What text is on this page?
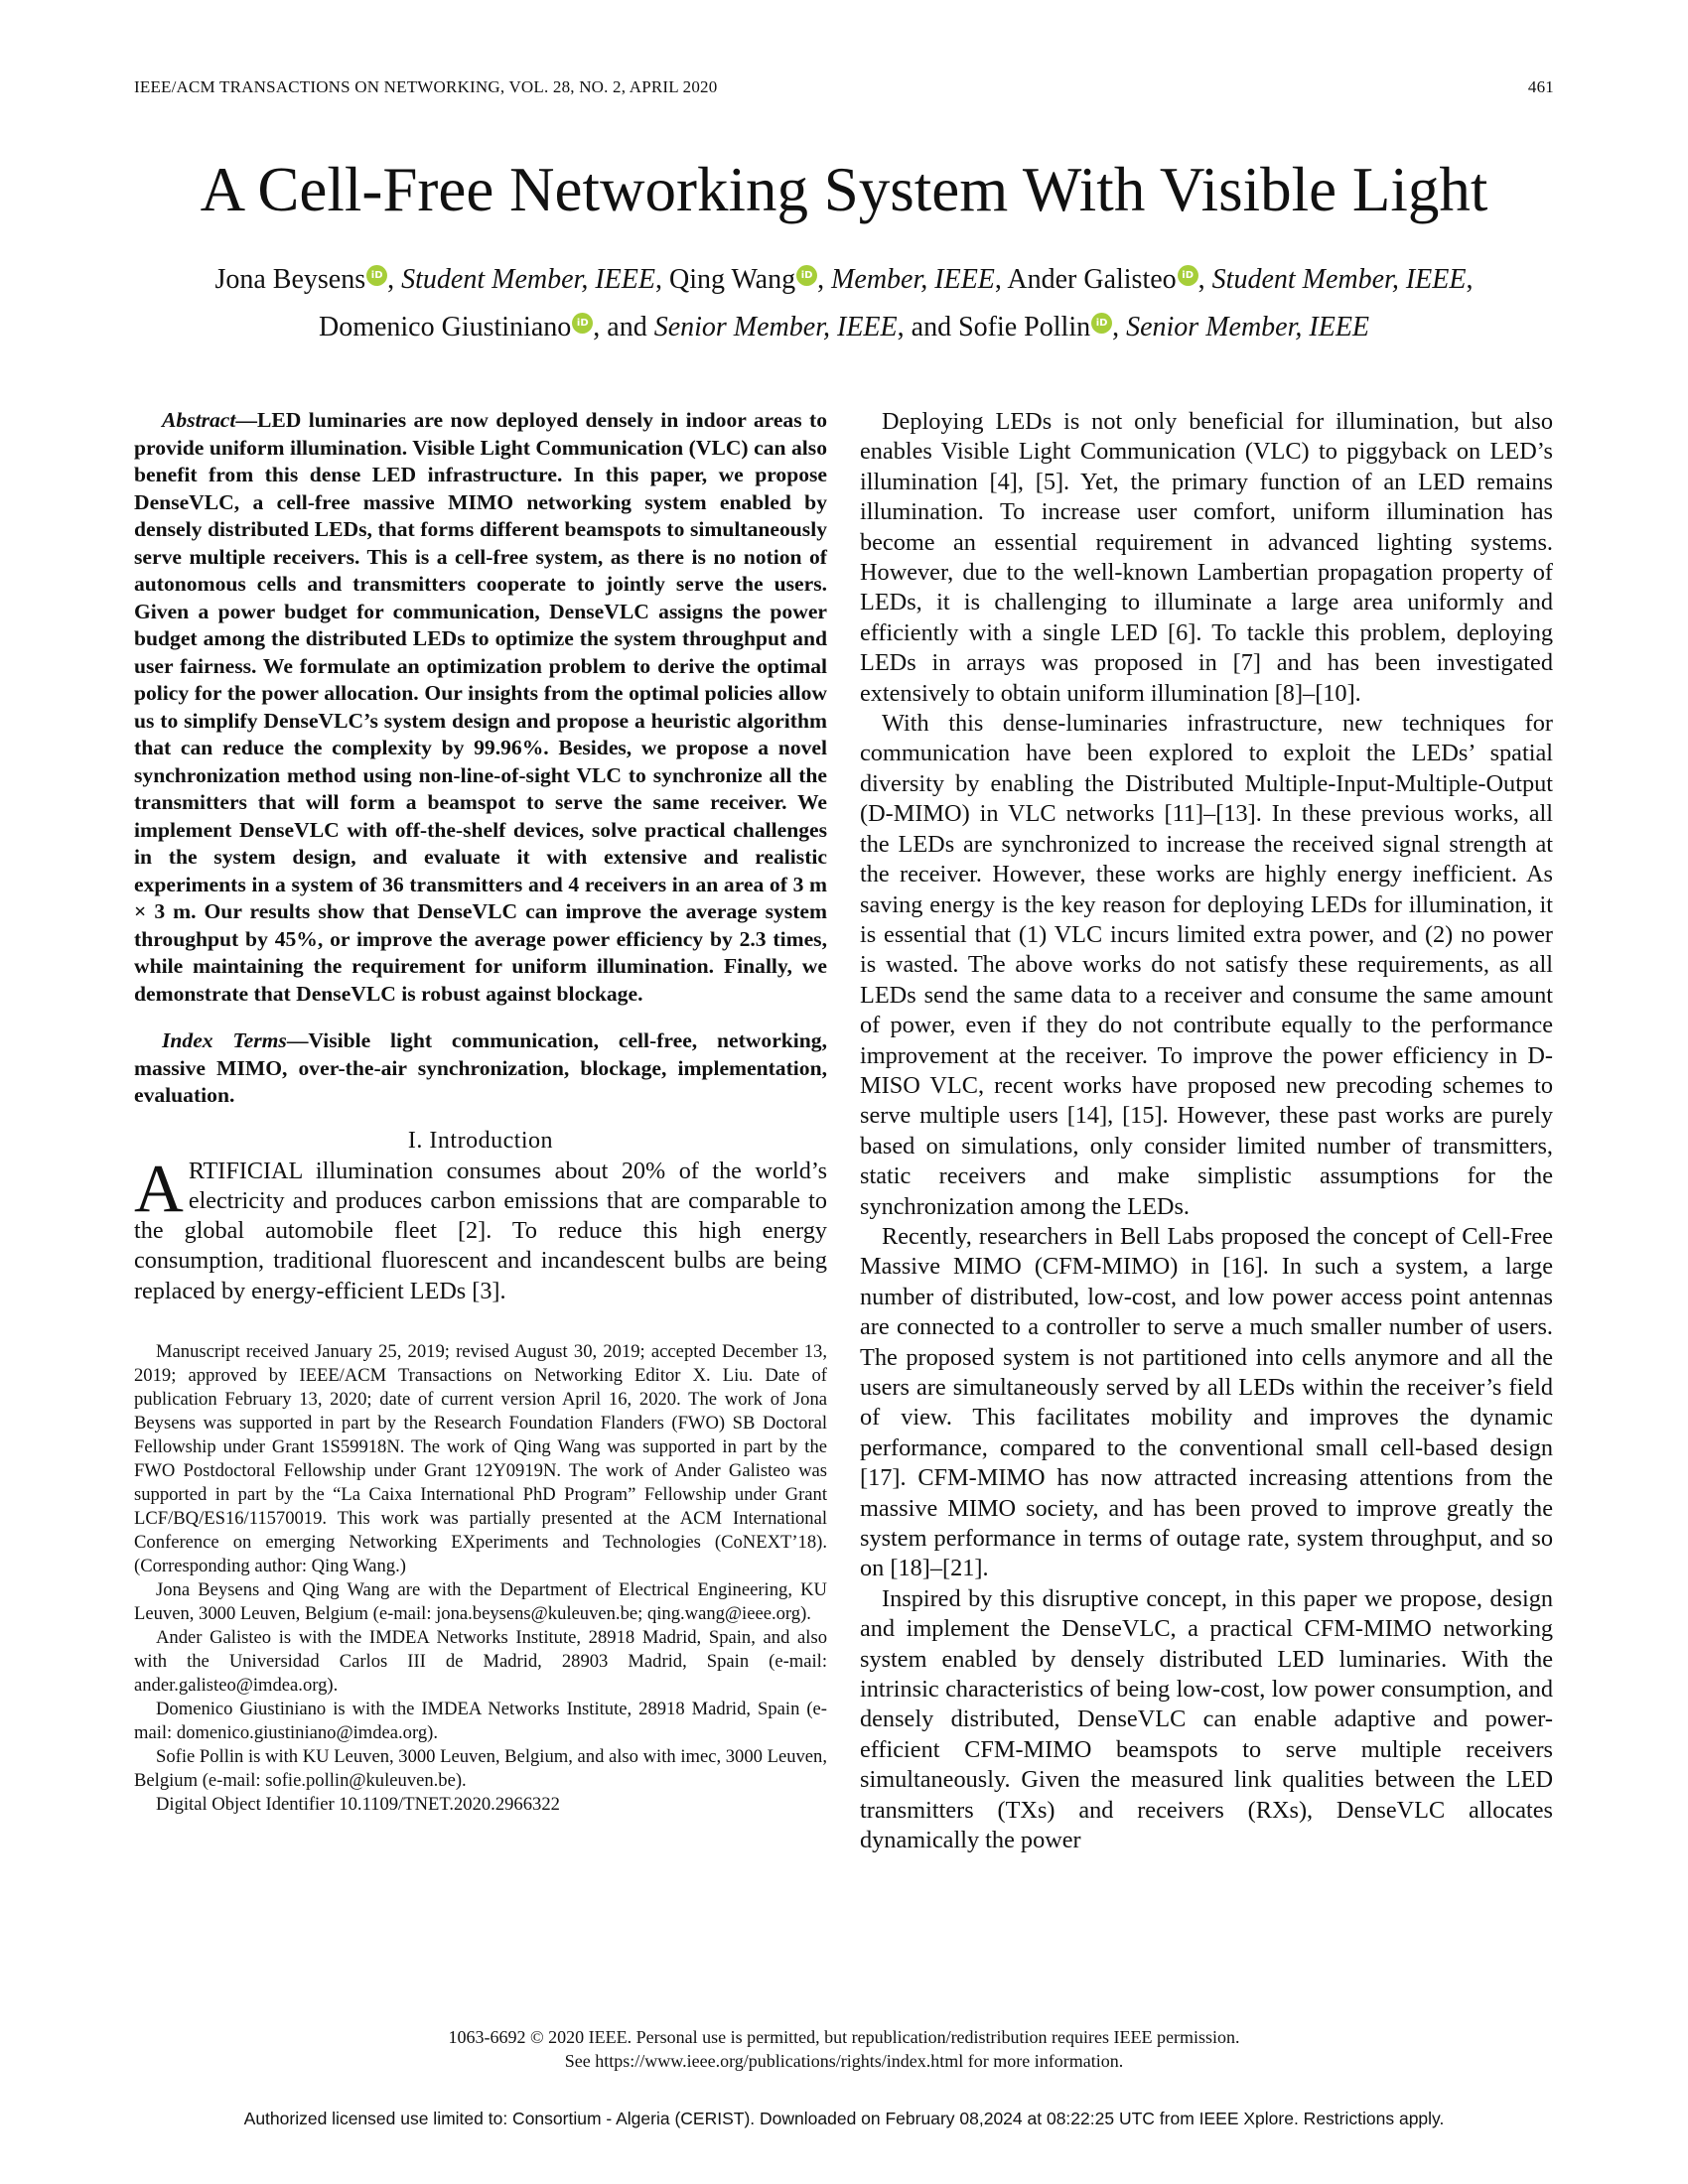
IEEE/ACM TRANSACTIONS ON NETWORKING, VOL. 28, NO. 2, APRIL 2020	461
A Cell-Free Networking System With Visible Light
Jona Beysens iD , Student Member, IEEE, Qing Wang iD , Member, IEEE, Ander Galisteo iD , Student Member, IEEE,
Domenico Giustiniano iD , and Senior Member, IEEE, and Sofie Pollin iD , Senior Member, IEEE

Abstract—LED luminaries are now deployed densely in indoor areas to provide uniform illumination. Visible Light Communication (VLC) can also benefit from this dense LED infrastructure. In this paper, we propose DenseVLC, a cell-free massive MIMO networking system enabled by densely distributed LEDs, that forms different beamspots to simultaneously serve multiple receivers. This is a cell-free system, as there is no notion of autonomous cells and transmitters cooperate to jointly serve the users. Given a power budget for communication, DenseVLC assigns the power budget among the distributed LEDs to optimize the system throughput and user fairness. We formulate an optimization problem to derive the optimal policy for the power allocation. Our insights from the optimal policies allow us to simplify DenseVLC’s system design and propose a heuristic algorithm that can reduce the complexity by 99.96%. Besides, we propose a novel synchronization method using non-line-of-sight VLC to synchronize all the transmitters that will form a beamspot to serve the same receiver. We implement DenseVLC with off-the-shelf devices, solve practical challenges in the system design, and evaluate it with extensive and realistic experiments in a system of 36 transmitters and 4 receivers in an area of 3 m × 3 m. Our results show that DenseVLC can improve the average system throughput by 45%, or improve the average power efficiency by 2.3 times, while maintaining the requirement for uniform illumination. Finally, we demonstrate that DenseVLC is robust against blockage.

Index Terms—Visible light communication, cell-free, networking, massive MIMO, over-the-air synchronization, blockage, implementation, evaluation.

I. Introduction

ARTIFICIAL illumination consumes about 20% of the world’s electricity and produces carbon emissions that are comparable to the global automobile fleet [2]. To reduce this high energy consumption, traditional fluorescent and incandescent bulbs are being replaced by energy-efficient LEDs [3].

Manuscript received January 25, 2019; revised August 30, 2019; accepted December 13, 2019; approved by IEEE/ACM Transactions on Networking Editor X. Liu. Date of publication February 13, 2020; date of current version April 16, 2020. The work of Jona Beysens was supported in part by the Research Foundation Flanders (FWO) SB Doctoral Fellowship under Grant 1S59918N. The work of Qing Wang was supported in part by the FWO Postdoctoral Fellowship under Grant 12Y0919N. The work of Ander Galisteo was supported in part by the “La Caixa International PhD Program” Fellowship under Grant LCF/BQ/ES16/11570019. This work was partially presented at the ACM International Conference on emerging Networking EXperiments and Technologies (CoNEXT’18). (Corresponding author: Qing Wang.)

Jona Beysens and Qing Wang are with the Department of Electrical Engineering, KU Leuven, 3000 Leuven, Belgium (e-mail: jona.beysens@kuleuven.be; qing.wang@ieee.org).

Ander Galisteo is with the IMDEA Networks Institute, 28918 Madrid, Spain, and also with the Universidad Carlos III de Madrid, 28903 Madrid, Spain (e-mail: ander.galisteo@imdea.org).

Domenico Giustiniano is with the IMDEA Networks Institute, 28918 Madrid, Spain (e-mail: domenico.giustiniano@imdea.org).

Sofie Pollin is with KU Leuven, 3000 Leuven, Belgium, and also with imec, 3000 Leuven, Belgium (e-mail: sofie.pollin@kuleuven.be).

Digital Object Identifier 10.1109/TNET.2020.2966322

Deploying LEDs is not only beneficial for illumination, but also enables Visible Light Communication (VLC) to piggyback on LED’s illumination [4], [5]. Yet, the primary function of an LED remains illumination. To increase user comfort, uniform illumination has become an essential requirement in advanced lighting systems. However, due to the well-known Lambertian propagation property of LEDs, it is challenging to illuminate a large area uniformly and efficiently with a single LED [6]. To tackle this problem, deploying LEDs in arrays was proposed in [7] and has been investigated extensively to obtain uniform illumination [8]–[10].

With this dense-luminaries infrastructure, new techniques for communication have been explored to exploit the LEDs’ spatial diversity by enabling the Distributed Multiple-Input-Multiple-Output (D-MIMO) in VLC networks [11]–[13]. In these previous works, all the LEDs are synchronized to increase the received signal strength at the receiver. However, these works are highly energy inefficient. As saving energy is the key reason for deploying LEDs for illumination, it is essential that (1) VLC incurs limited extra power, and (2) no power is wasted. The above works do not satisfy these requirements, as all LEDs send the same data to a receiver and consume the same amount of power, even if they do not contribute equally to the performance improvement at the receiver. To improve the power efficiency in D-MISO VLC, recent works have proposed new precoding schemes to serve multiple users [14], [15]. However, these past works are purely based on simulations, only consider limited number of transmitters, static receivers and make simplistic assumptions for the synchronization among the LEDs.

Recently, researchers in Bell Labs proposed the concept of Cell-Free Massive MIMO (CFM-MIMO) in [16]. In such a system, a large number of distributed, low-cost, and low power access point antennas are connected to a controller to serve a much smaller number of users. The proposed system is not partitioned into cells anymore and all the users are simultaneously served by all LEDs within the receiver’s field of view. This facilitates mobility and improves the dynamic performance, compared to the conventional small cell-based design [17]. CFM-MIMO has now attracted increasing attentions from the massive MIMO society, and has been proved to improve greatly the system performance in terms of outage rate, system throughput, and so on [18]–[21].

Inspired by this disruptive concept, in this paper we propose, design and implement the DenseVLC, a practical CFM-MIMO networking system enabled by densely distributed LED luminaries. With the intrinsic characteristics of being low-cost, low power consumption, and densely distributed, DenseVLC can enable adaptive and power-efficient CFM-MIMO beamspots to serve multiple receivers simultaneously. Given the measured link qualities between the LED transmitters (TXs) and receivers (RXs), DenseVLC allocates dynamically the power

1063-6692 © 2020 IEEE. Personal use is permitted, but republication/redistribution requires IEEE permission.
See https://www.ieee.org/publications/rights/index.html for more information.
Authorized licensed use limited to: Consortium - Algeria (CERIST). Downloaded on February 08,2024 at 08:22:25 UTC from IEEE Xplore. Restrictions apply.
